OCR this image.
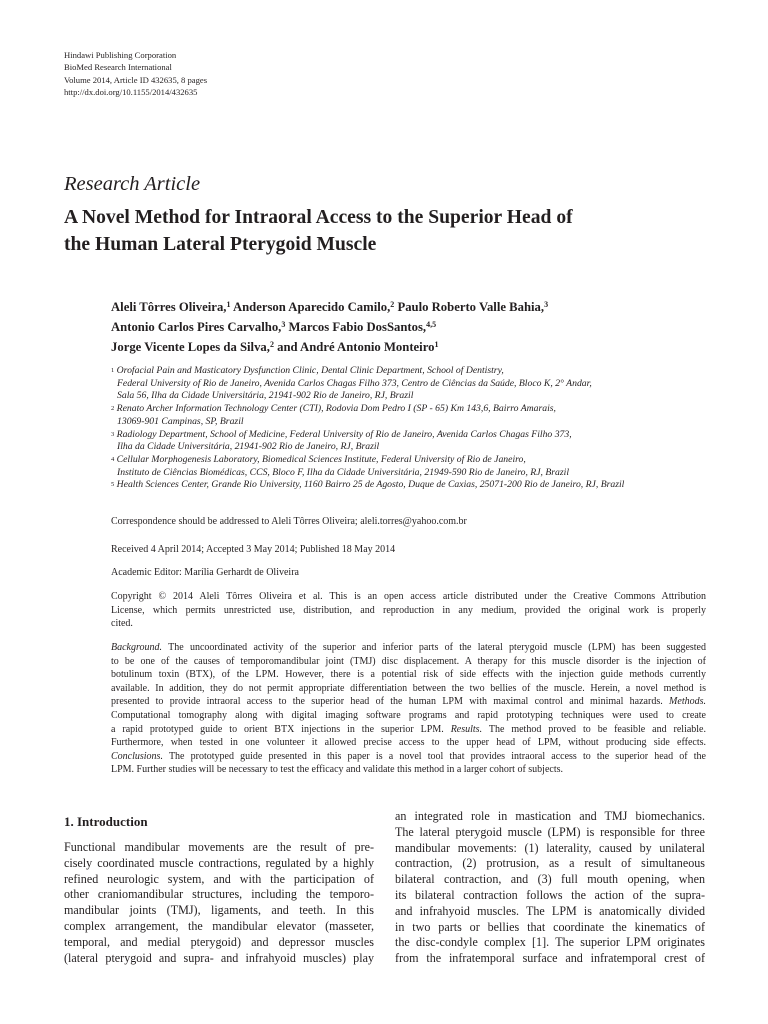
Hindawi Publishing Corporation
BioMed Research International
Volume 2014, Article ID 432635, 8 pages
http://dx.doi.org/10.1155/2014/432635
Research Article
A Novel Method for Intraoral Access to the Superior Head of
the Human Lateral Pterygoid Muscle
Aleli Tôrres Oliveira,$^1$ Anderson Aparecido Camilo,$^2$ Paulo Roberto Valle Bahia,$^3$
Antonio Carlos Pires Carvalho,$^3$ Marcos Fabio DosSantos,$^{4,5}$
Jorge Vicente Lopes da Silva,$^2$ and André Antonio Monteiro$^1$
$^1$ Orofacial Pain and Masticatory Dysfunction Clinic, Dental Clinic Department, School of Dentistry,
Federal University of Rio de Janeiro, Avenida Carlos Chagas Filho 373, Centro de Ciências da Saúde, Bloco K, 2° Andar,
Sala 56, Ilha da Cidade Universitária, 21941-902 Rio de Janeiro, RJ, Brazil
$^2$ Renato Archer Information Technology Center (CTI), Rodovia Dom Pedro I (SP - 65) Km 143,6, Bairro Amarais,
13069-901 Campinas, SP, Brazil
$^3$ Radiology Department, School of Medicine, Federal University of Rio de Janeiro, Avenida Carlos Chagas Filho 373,
Ilha da Cidade Universitária, 21941-902 Rio de Janeiro, RJ, Brazil
$^4$ Cellular Morphogenesis Laboratory, Biomedical Sciences Institute, Federal University of Rio de Janeiro,
Instituto de Ciências Biomédicas, CCS, Bloco F, Ilha da Cidade Universitária, 21949-590 Rio de Janeiro, RJ, Brazil
$^5$ Health Sciences Center, Grande Rio University, 1160 Bairro 25 de Agosto, Duque de Caxias, 25071-200 Rio de Janeiro, RJ, Brazil
Correspondence should be addressed to Aleli Tôrres Oliveira; aleli.torres@yahoo.com.br
Received 4 April 2014; Accepted 3 May 2014; Published 18 May 2014
Academic Editor: Marília Gerhardt de Oliveira
Copyright © 2014 Aleli Tôrres Oliveira et al. This is an open access article distributed under the Creative Commons Attribution
License, which permits unrestricted use, distribution, and reproduction in any medium, provided the original work is properly
cited.
Background. The uncoordinated activity of the superior and inferior parts of the lateral pterygoid muscle (LPM) has been suggested
to be one of the causes of temporomandibular joint (TMJ) disc displacement. A therapy for this muscle disorder is the injection of
botulinum toxin (BTX), of the LPM. However, there is a potential risk of side effects with the injection guide methods currently
available. In addition, they do not permit appropriate differentiation between the two bellies of the muscle. Herein, a novel method is
presented to provide intraoral access to the superior head of the human LPM with maximal control and minimal hazards. Methods.
Computational tomography along with digital imaging software programs and rapid prototyping techniques were used to create
a rapid prototyped guide to orient BTX injections in the superior LPM. Results. The method proved to be feasible and reliable.
Furthermore, when tested in one volunteer it allowed precise access to the upper head of LPM, without producing side effects.
Conclusions. The prototyped guide presented in this paper is a novel tool that provides intraoral access to the superior head of the
LPM. Further studies will be necessary to test the efficacy and validate this method in a larger cohort of subjects.
1. Introduction
Functional mandibular movements are the result of pre-
cisely coordinated muscle contractions, regulated by a highly
refined neurologic system, and with the participation of
other craniomandibular structures, including the temporo-
mandibular joints (TMJ), ligaments, and teeth. In this
complex arrangement, the mandibular elevator (masseter,
temporal, and medial pterygoid) and depressor muscles
(lateral pterygoid and supra- and infrahyoid muscles) play
an integrated role in mastication and TMJ biomechanics.
The lateral pterygoid muscle (LPM) is responsible for three
mandibular movements: (1) laterality, caused by unilateral
contraction, (2) protrusion, as a result of simultaneous
bilateral contraction, and (3) full mouth opening, when
its bilateral contraction follows the action of the supra-
and infrahyoid muscles. The LPM is anatomically divided
in two parts or bellies that coordinate the kinematics of
the disc-condyle complex [1]. The superior LPM originates
from the infratemporal surface and infratemporal crest of
